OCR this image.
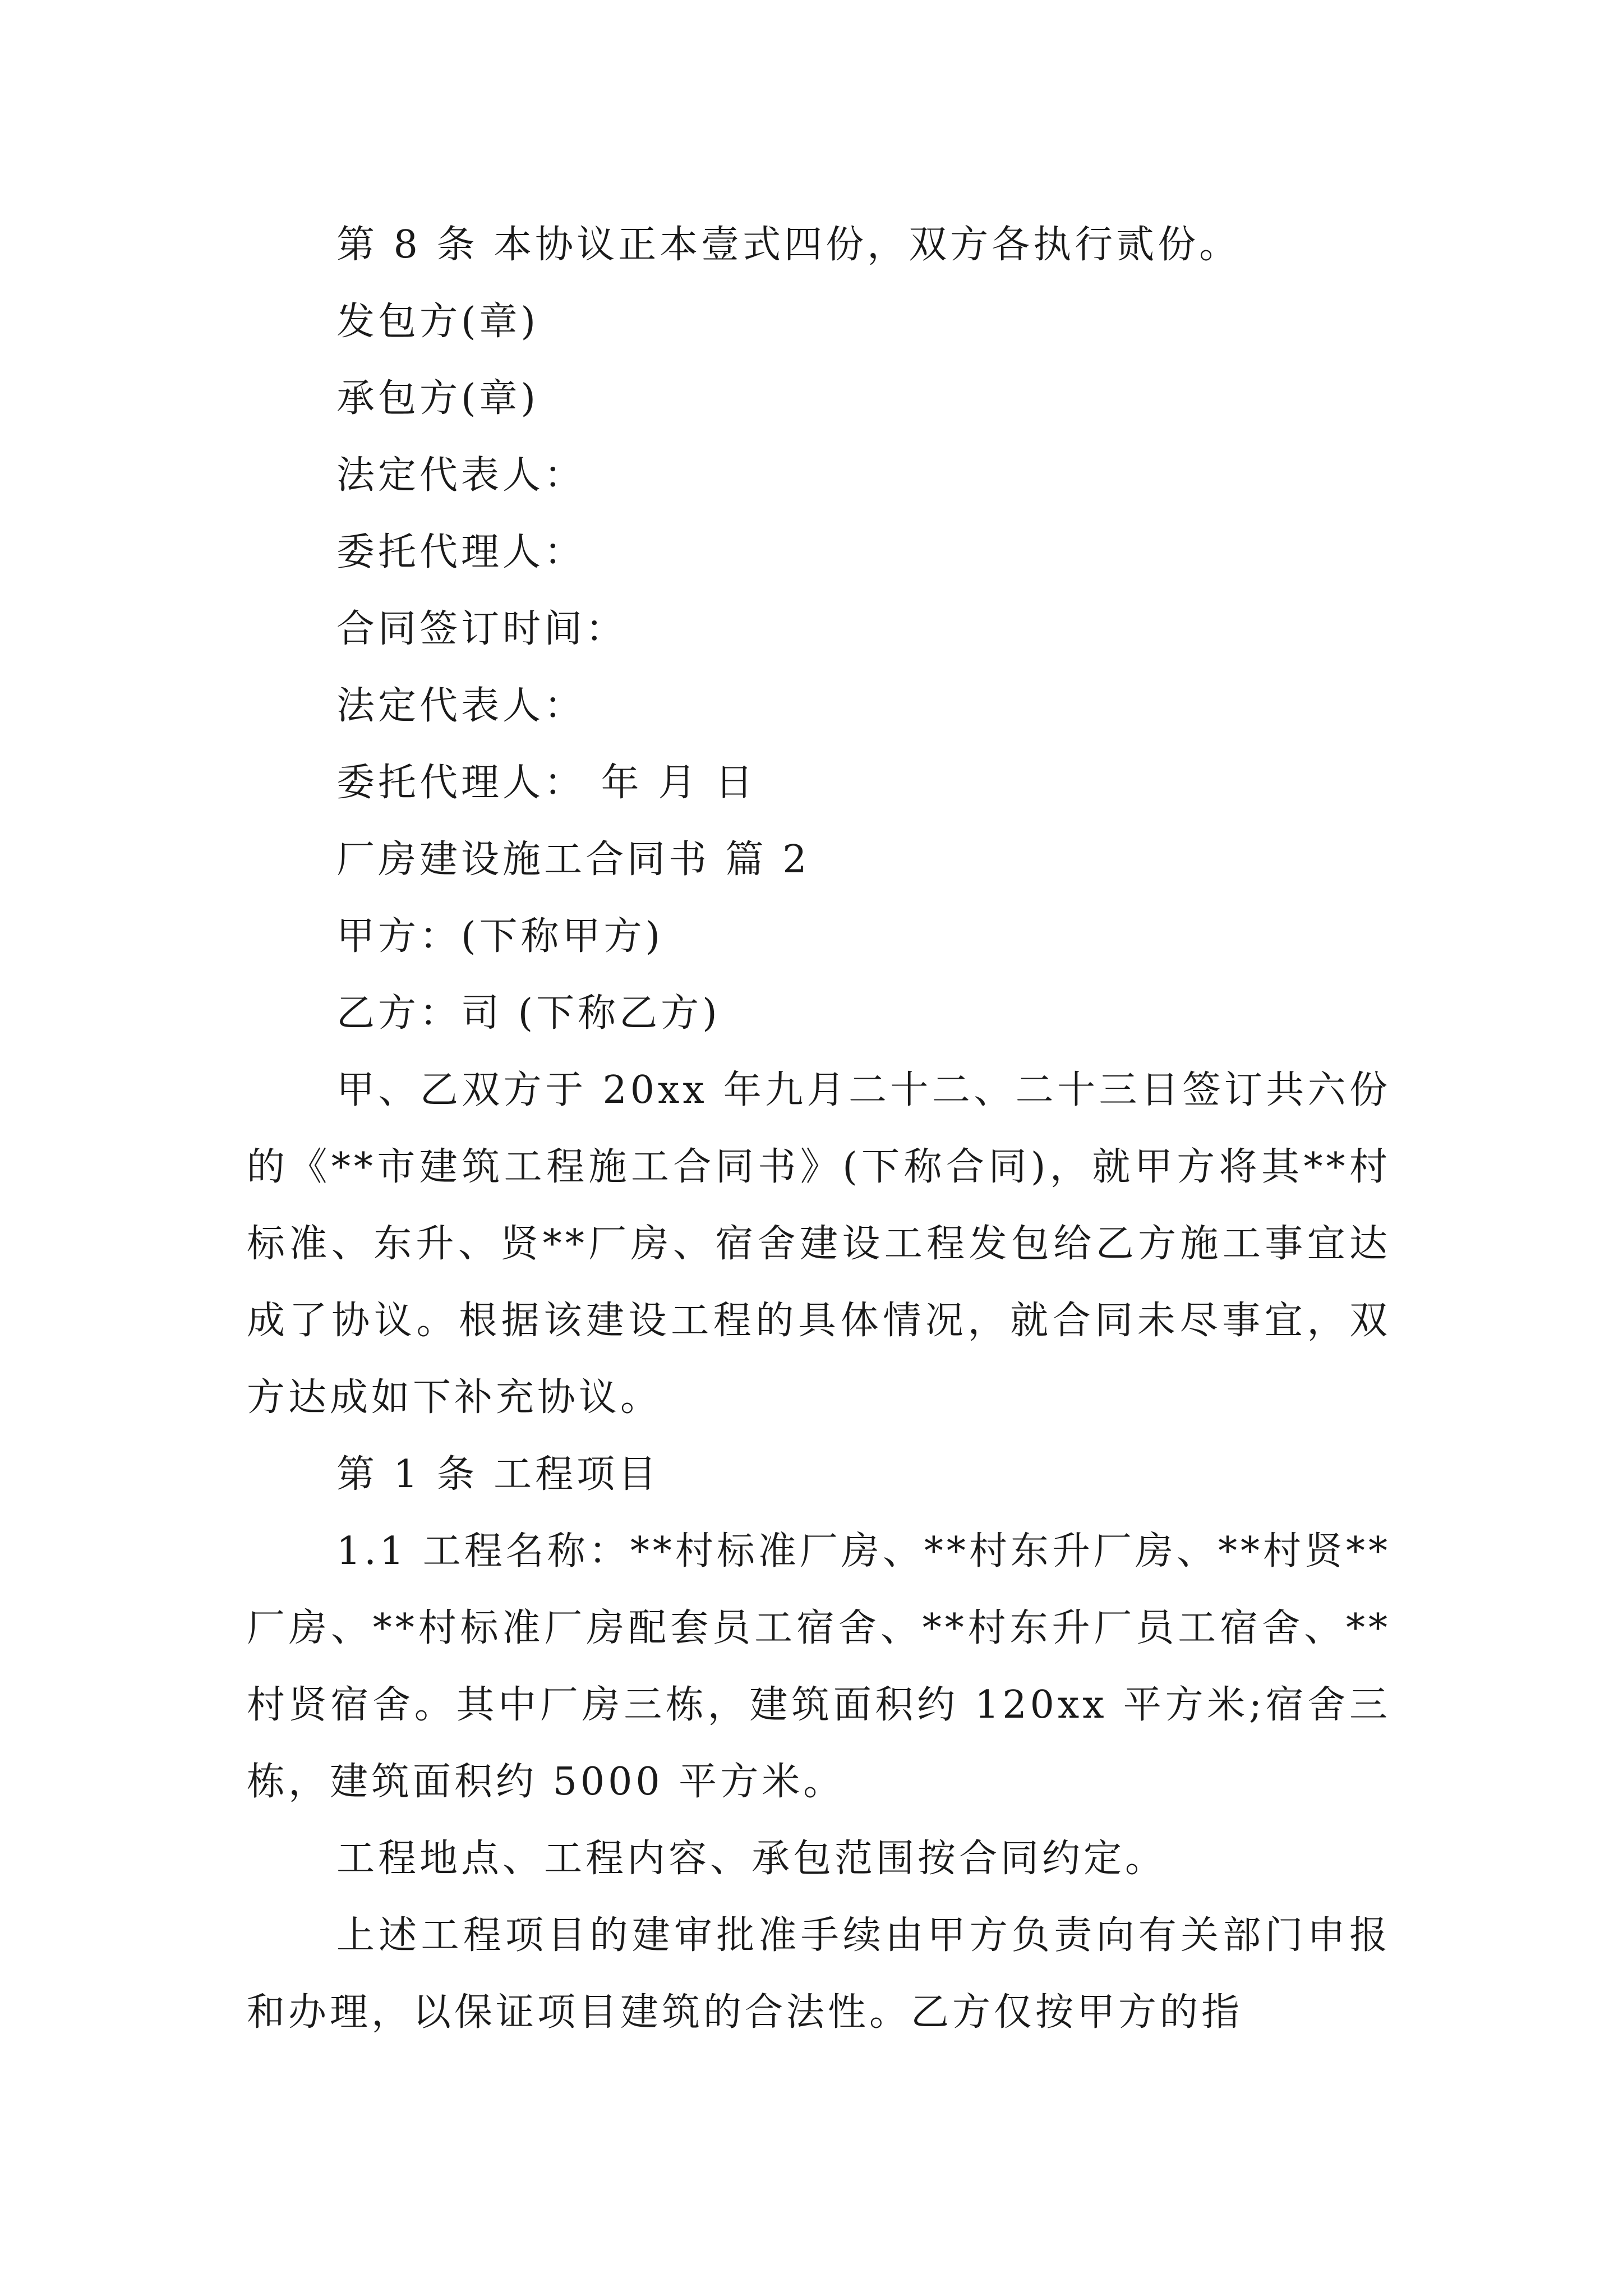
第 8 条 本协议正本壹式四份，双方各执行贰份。
发包方(章)
承包方(章)
法定代表人：
委托代理人：
合同签订时间：
法定代表人：
委托代理人： 年 月 日
厂房建设施工合同书 篇 2
甲方：(下称甲方)
乙方：司 (下称乙方)

甲、乙双方于 20xx 年九月二十二、二十三日签订共六份的《**市建筑工程施工合同书》(下称合同)，就甲方将其**村标准、东升、贤**厂房、宿舍建设工程发包给乙方施工事宜达成了协议。根据该建设工程的具体情况，就合同未尽事宜，双方达成如下补充协议。

第 1 条 工程项目

1.1 工程名称：**村标准厂房、**村东升厂房、**村贤**厂房、**村标准厂房配套员工宿舍、**村东升厂员工宿舍、**村贤宿舍。其中厂房三栋，建筑面积约 120xx 平方米;宿舍三栋，建筑面积约 5000 平方米。

工程地点、工程内容、承包范围按合同约定。

上述工程项目的建审批准手续由甲方负责向有关部门申报和办理，以保证项目建筑的合法性。乙方仅按甲方的指
